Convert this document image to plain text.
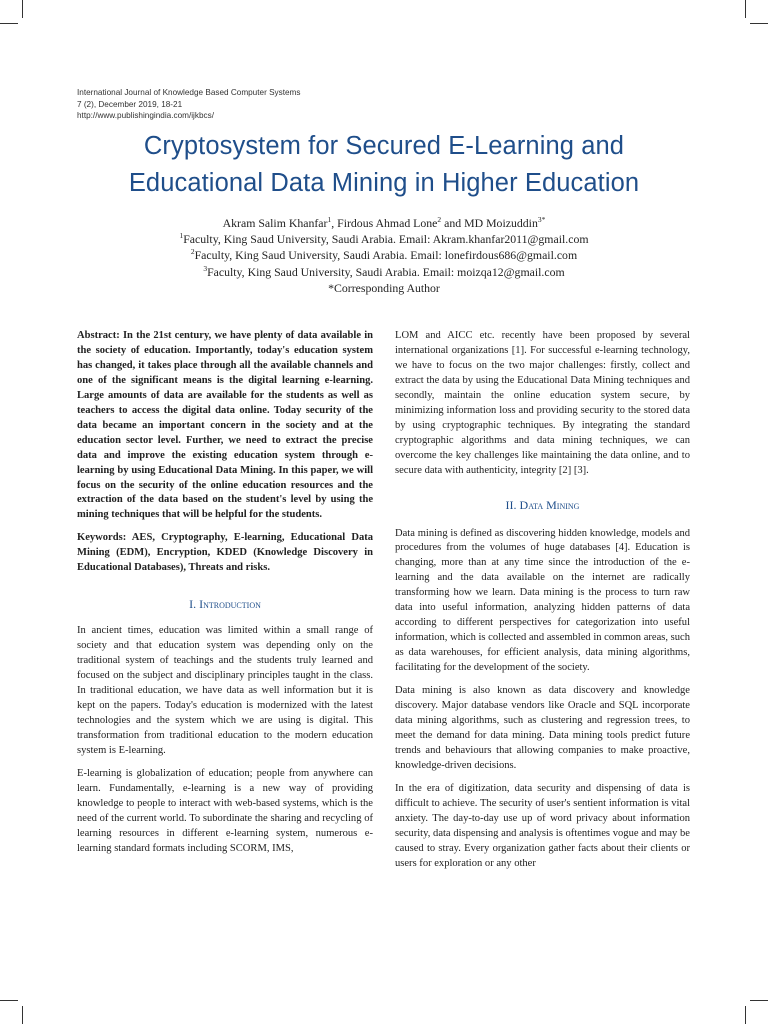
International Journal of Knowledge Based Computer Systems
7 (2), December 2019, 18-21
http://www.publishingindia.com/ijkbcs/
Cryptosystem for Secured E-Learning and
Educational Data Mining in Higher Education
Akram Salim Khanfar$^1$, Firdous Ahmad Lone$^2$ and MD Moizuddin$^{3*}$
$^1$Faculty, King Saud University, Saudi Arabia. Email: Akram.khanfar2011@gmail.com
$^2$Faculty, King Saud University, Saudi Arabia. Email: lonefirdous686@gmail.com
$^3$Faculty, King Saud University, Saudi Arabia. Email: moizqa12@gmail.com
*Corresponding Author

Abstract: In the 21st century, we have plenty of data available in the society of education. Importantly, today's education system has changed, it takes place through all the available channels and one of the significant means is the digital learning e-learning. Large amounts of data are available for the students as well as teachers to access the digital data online. Today security of the data became an important concern in the society and at the education sector level. Further, we need to extract the precise data and improve the existing education system through e-learning by using Educational Data Mining. In this paper, we will focus on the security of the online education resources and the extraction of the data based on the student's level by using the mining techniques that will be helpful for the students.

Keywords: AES, Cryptography, E-learning, Educational Data Mining (EDM), Encryption, KDED (Knowledge Discovery in Educational Databases), Threats and risks.

I. Introduction

In ancient times, education was limited within a small range of society and that education system was depending only on the traditional system of teachings and the students truly learned and focused on the subject and disciplinary principles taught in the class. In traditional education, we have data as well information but it is kept on the papers. Today's education is modernized with the latest technologies and the system which we are using is digital. This transformation from traditional education to the modern education system is E-learning.

E-learning is globalization of education; people from anywhere can learn. Fundamentally, e-learning is a new way of providing knowledge to people to interact with web-based systems, which is the need of the current world. To subordinate the sharing and recycling of learning resources in different e-learning system, numerous e-learning standard formats including SCORM, IMS,

LOM and AICC etc. recently have been proposed by several international organizations [1]. For successful e-learning technology, we have to focus on the two major challenges: firstly, collect and extract the data by using the Educational Data Mining techniques and secondly, maintain the online education system secure, by minimizing information loss and providing security to the stored data by using cryptographic techniques. By integrating the standard cryptographic algorithms and data mining techniques, we can overcome the key challenges like maintaining the data online, and to secure data with authenticity, integrity [2] [3].

II. Data Mining

Data mining is defined as discovering hidden knowledge, models and procedures from the volumes of huge databases [4]. Education is changing, more than at any time since the introduction of the e-learning and the data available on the internet are radically transforming how we learn. Data mining is the process to turn raw data into useful information, analyzing hidden patterns of data according to different perspectives for categorization into useful information, which is collected and assembled in common areas, such as data warehouses, for efficient analysis, data mining algorithms, facilitating for the development of the society.

Data mining is also known as data discovery and knowledge discovery. Major database vendors like Oracle and SQL incorporate data mining algorithms, such as clustering and regression trees, to meet the demand for data mining. Data mining tools predict future trends and behaviours that allowing companies to make proactive, knowledge-driven decisions.

In the era of digitization, data security and dispensing of data is difficult to achieve. The security of user's sentient information is vital anxiety. The day-to-day use up of word privacy about information security, data dispensing and analysis is oftentimes vogue and may be caused to stray. Every organization gather facts about their clients or users for exploration or any other
